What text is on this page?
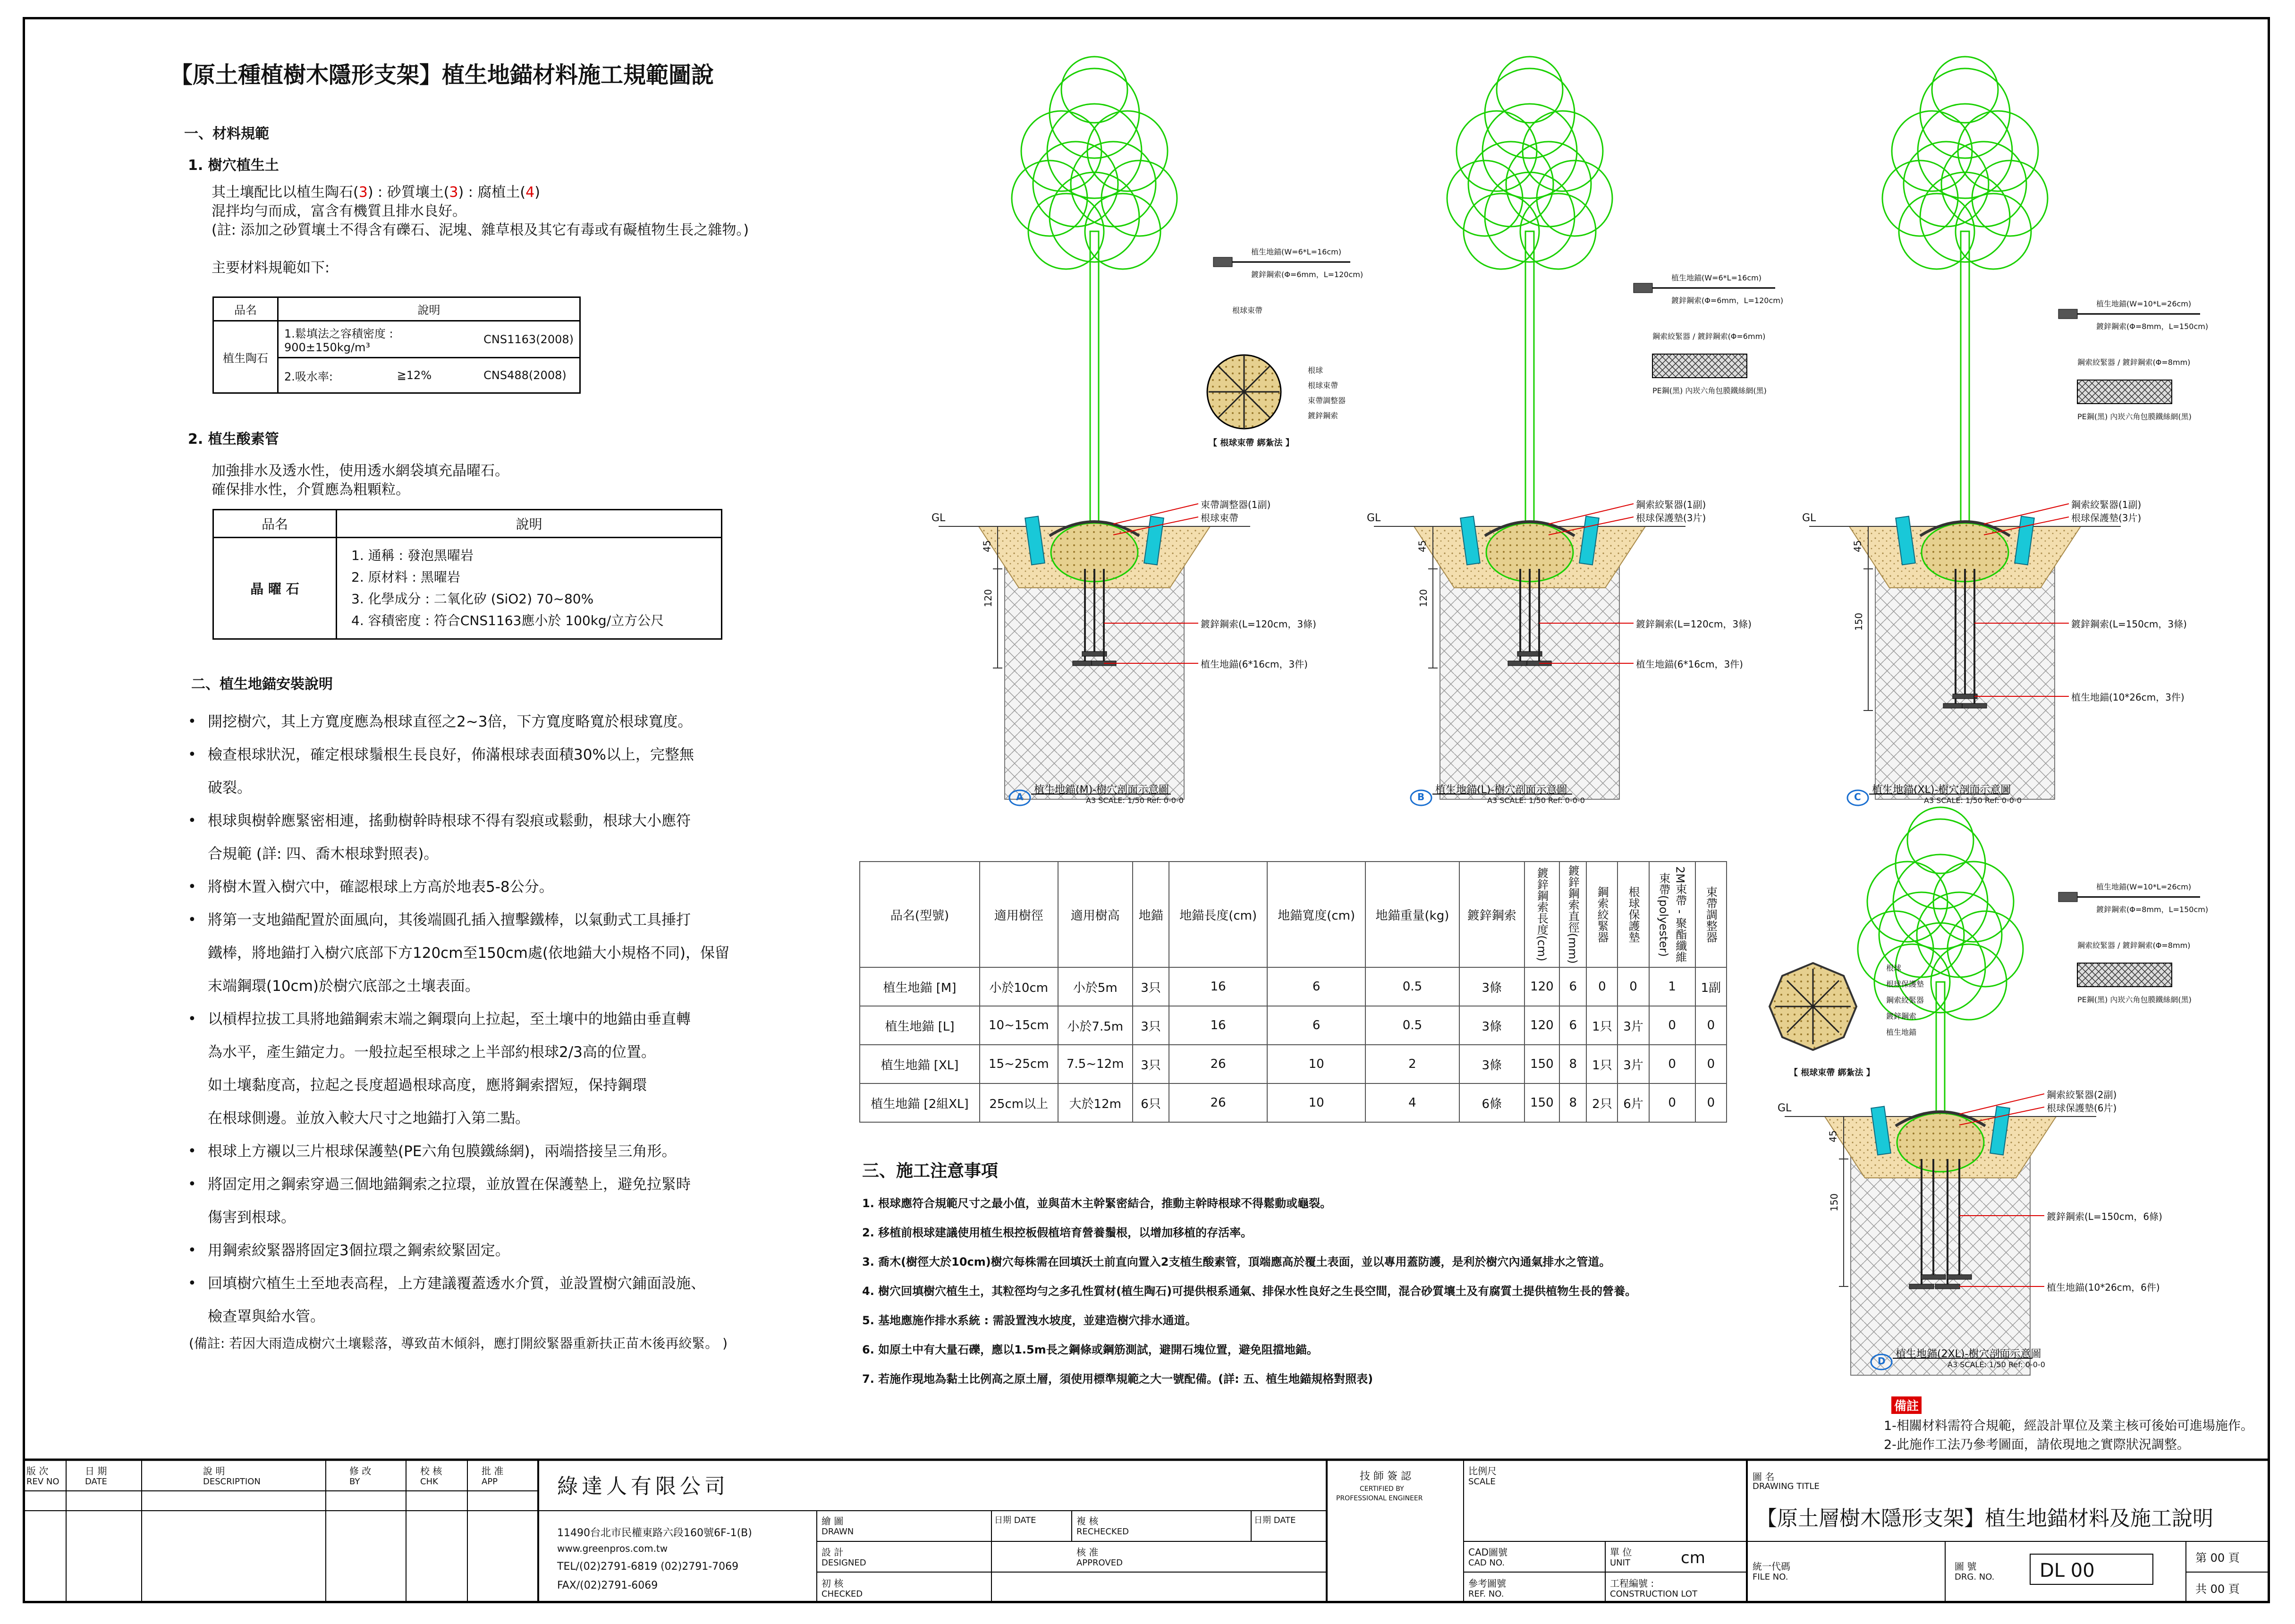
【原土種植樹木隱形支架】植生地錨材料施工規範圖說
一、材料規範
1. 樹穴植生土
其土壤配比以植生陶石(3) : 砂質壤土(3) : 腐植土(4)
混拌均勻而成，富含有機質且排水良好。
(註: 添加之砂質壤土不得含有礫石、泥塊、雜草根及其它有毒或有礙植物生長之雜物。)
主要材料規範如下:
品名	說明		
植生陶石	1.鬆填法之容積密度 : 900±150kg/m³		CNS1163(2008)
	2.吸水率:	≧12%	CNS488(2008)
2. 植生酸素管
加強排水及透水性，使用透水網袋填充晶曜石。
確保排水性，介質應為粗顆粒。
品名	說明
晶 曜 石	1. 通稱 : 發泡黑曜岩
2. 原材料 : 黑曜岩
3. 化學成分 : 二氧化矽 (SiO2) 70~80%
4. 容積密度 : 符合CNS1163應小於 100kg/立方公尺
二、植生地錨安裝說明
• 開挖樹穴，其上方寬度應為根球直徑之2~3倍，下方寬度略寬於根球寬度。
• 檢查根球狀況，確定根球鬚根生長良好，佈滿根球表面積30%以上，完整無
破裂。
• 根球與樹幹應緊密相連，搖動樹幹時根球不得有裂痕或鬆動，根球大小應符
合規範 (詳: 四、喬木根球對照表)。
• 將樹木置入樹穴中，確認根球上方高於地表5-8公分。
• 將第一支地錨配置於面風向，其後端圓孔插入擅擊鐵棒，以氣動式工具捶打
鐵棒，將地錨打入樹穴底部下方120cm至150cm處(依地錨大小規格不同)，保留
末端鋼環(10cm)於樹穴底部之土壤表面。
• 以槓桿拉拔工具將地錨鋼索末端之鋼環向上拉起，至土壤中的地錨由垂直轉
為水平，產生錨定力。一般拉起至根球之上半部約根球2/3高的位置。
如土壤黏度高，拉起之長度超過根球高度，應將鋼索摺短，保持鋼環
在根球側邊。並放入較大尺寸之地錨打入第二點。
• 根球上方襯以三片根球保護墊(PE六角包膜鐵絲網)，兩端搭接呈三角形。
• 將固定用之鋼索穿過三個地錨鋼索之拉環，並放置在保護墊上，避免拉緊時
傷害到根球。
• 用鋼索絞緊器將固定3個拉環之鋼索絞緊固定。
• 回填樹穴植生土至地表高程，上方建議覆蓋透水介質，並設置樹穴鋪面設施、
檢查罩與給水管。
(備註: 若因大雨造成樹穴土壤鬆落，導致苗木傾斜，應打開絞緊器重新扶正苗木後再絞緊。 )
品名(型號)	適用樹徑	適用樹高	地錨	地錨長度(cm)	地錨寬度(cm)	地錨重量(kg)	鍍鋅鋼索	鍍鋅鋼索長度(cm)	鍍鋅鋼索直徑(mm)	鋼索絞緊器	根球保護墊	2M束帶 - 聚酯纖維束帶(polyester)	束帶調整器
植生地錨 [M]	小於10cm	小於5m	3只	16	6	0.5	3條	120	6	0	0	1	1副
植生地錨 [L]	10~15cm	小於7.5m	3只	16	6	0.5	3條	120	6	1只	3片	0	0
植生地錨 [XL]	15~25cm	7.5~12m	3只	26	10	2	3條	150	8	1只	3片	0	0
植生地錨 [2組XL]	25cm以上	大於12m	6只	26	10	4	6條	150	8	2只	6片	0	0
三、施工注意事項
1. 根球應符合規範尺寸之最小值，並與苗木主幹緊密結合，推動主幹時根球不得鬆動或龜裂。
2. 移植前根球建議使用植生根控板假植培育營養鬚根，以增加移植的存活率。
3. 喬木(樹徑大於10cm)樹穴每株需在回填沃土前直向置入2支植生酸素管，頂端應高於覆土表面，並以專用蓋防護，是利於樹穴內通氣排水之管道。
4. 樹穴回填樹穴植生土，其粒徑均勻之多孔性質材(植生陶石)可提供根系通氣、排保水性良好之生長空間，混合砂質壤土及有腐質土提供植物生長的營養。
5. 基地應施作排水系統 : 需設置洩水坡度，並建造樹穴排水通道。
6. 如原土中有大量石礫，應以1.5m長之鋼條或鋼筋測試，避開石塊位置，避免阻擋地錨。
7. 若施作現地為黏土比例高之原土層，須使用標準規範之大一號配備。(詳: 五、植生地錨規格對照表)
GL
45
120
束帶調整器(1副)
根球束帶
鍍鋅鋼索(L=120cm，3條)
植生地錨(6*16cm，3件)
植生地錨(M)-樹穴剖面示意圖
A3 SCALE: 1/50 Ref: 0-0-0
A
植生地錨(W=6*L=16cm)
鍍鋅鋼索(Φ=6mm，L=120cm)
根球束帶
【 根球束帶 綁紮法 】
根球
根球束帶
束帶調整器
鍍鋅鋼索
GL
45
120
鋼索絞緊器(1副)
根球保護墊(3片)
鍍鋅鋼索(L=120cm，3條)
植生地錨(6*16cm，3件)
植生地錨(L)-樹穴剖面示意圖
A3 SCALE: 1/50 Ref: 0-0-0
B
植生地錨(W=6*L=16cm)
鍍鋅鋼索(Φ=6mm，L=120cm)
鋼索絞緊器 / 鍍鋅鋼索(Φ=6mm)
PE鋼(黑) 內崁六角包膜鐵絲網(黑)
GL
45
150
鋼索絞緊器(1副)
根球保護墊(3片)
鍍鋅鋼索(L=150cm，3條)
植生地錨(10*26cm，3件)
植生地錨(XL)-樹穴剖面示意圖
A3 SCALE: 1/50 Ref: 0-0-0
C
植生地錨(W=10*L=26cm)
鍍鋅鋼索(Φ=8mm，L=150cm)
鋼索絞緊器 / 鍍鋅鋼索(Φ=8mm)
PE鋼(黑) 內崁六角包膜鐵絲網(黑)
GL
45
150
鋼索絞緊器(2副)
根球保護墊(6片)
鍍鋅鋼索(L=150cm，6條)
植生地錨(10*26cm，6件)
植生地錨(2XL)-樹穴剖面示意圖
A3 SCALE: 1/50 Ref: 0-0-0
D
植生地錨(W=10*L=26cm)
鍍鋅鋼索(Φ=8mm，L=150cm)
鋼索絞緊器 / 鍍鋅鋼索(Φ=8mm)
PE鋼(黑) 內崁六角包膜鐵絲網(黑)
【 根球束帶 綁紮法 】
根球
根球保護墊
鋼索絞緊器
鍍鋅鋼索
植生地錨
備註
1-相關材料需符合規範，經設計單位及業主核可後始可進場施作。
2-此施作工法乃參考圖面，請依現地之實際狀況調整。
版 次
REV NO
日 期
DATE
說 明
DESCRIPTION
修 改
BY
校 核
CHK
批 准
APP	綠達人有限公司
11490台北市民權東路六段160號6F-1(B)
www.greenpros.com.tw
TEL/(02)2791-6819 (02)2791-7069
FAX/(02)2791-6069
繪 圖
DRAWN
設 計
DESIGNED
初 核
CHECKED
日期 DATE	複 核
RECHECKED
核 准
APPROVED
日期 DATE
技 師 簽 認
CERTIFIED BY
PROFESSIONAL ENGINEER
比例尺
SCALE
CAD圖號
CAD NO.
參考圖號
REF. NO.
單 位
UNIT	cm
工程編號 :
CONSTRUCTION LOT
圖 名
DRAWING TITLE
【原土層樹木隱形支架】植生地錨材料及施工說明
統一代碼
FILE NO.
圖 號
DRG. NO. DL 00
第 00 頁
共 00 頁
